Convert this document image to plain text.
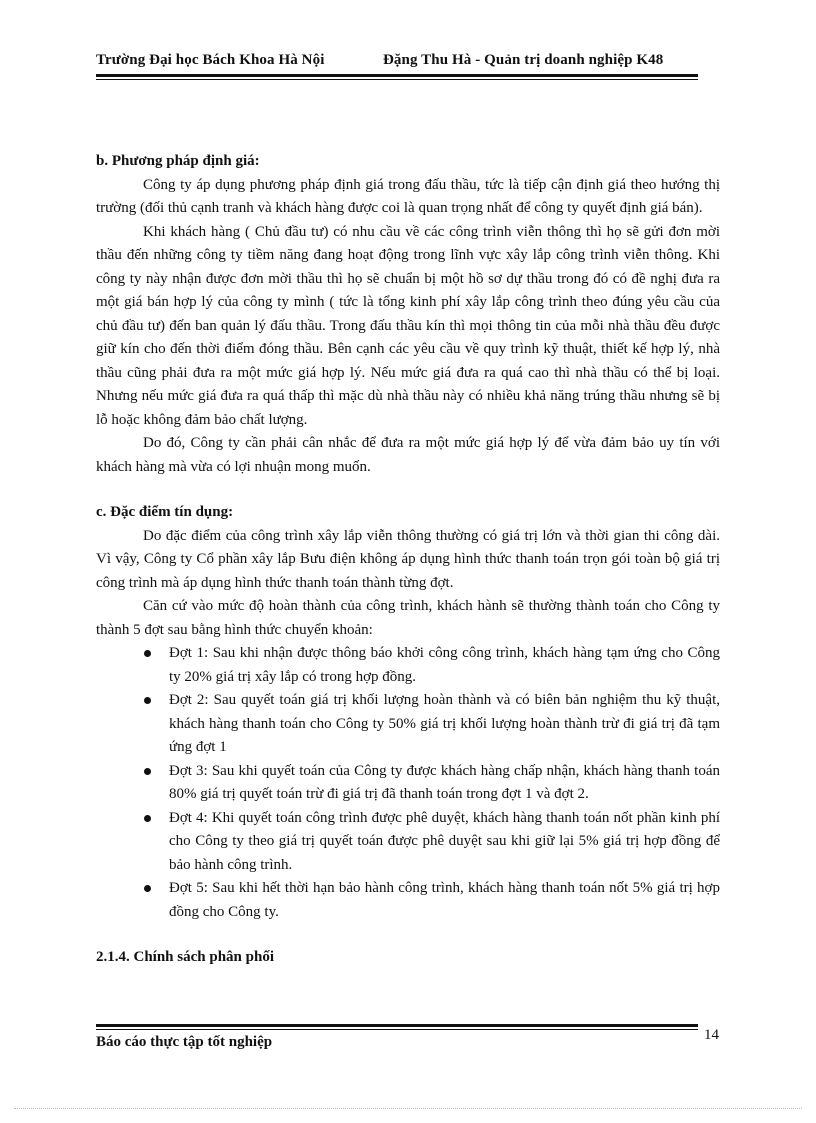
Trường Đại học Bách Khoa Hà Nội	Đặng Thu Hà - Quản trị doanh nghiệp K48

b. Phương pháp định giá:

Công ty áp dụng phương pháp định giá trong đấu thầu, tức là tiếp cận định giá theo hướng thị trường (đối thủ cạnh tranh và khách hàng được coi là quan trọng nhất để công ty quyết định giá bán).

Khi khách hàng ( Chủ đầu tư) có nhu cầu về các công trình viễn thông thì họ sẽ gửi đơn mời thầu đến những công ty tiềm năng đang hoạt động trong lĩnh vực xây lắp công trình viễn thông. Khi công ty này nhận được đơn mời thầu thì họ sẽ chuẩn bị một hồ sơ dự thầu trong đó có đề nghị đưa ra một giá bán hợp lý của công ty mình ( tức là tổng kinh phí xây lắp công trình theo đúng yêu cầu của chủ đầu tư) đến ban quản lý đấu thầu. Trong đấu thầu kín thì mọi thông tin của mỗi nhà thầu đều được giữ kín cho đến thời điểm đóng thầu. Bên cạnh các yêu cầu về quy trình kỹ thuật, thiết kế hợp lý, nhà thầu cũng phải đưa ra một mức giá hợp lý. Nếu mức giá đưa ra quá cao thì nhà thầu có thể bị loại. Nhưng nếu mức giá đưa ra quá thấp thì mặc dù nhà thầu này có nhiều khả năng trúng thầu nhưng sẽ bị lỗ hoặc không đảm bảo chất lượng.

Do đó, Công ty cần phải cân nhắc để đưa ra một mức giá hợp lý để vừa đảm bảo uy tín với khách hàng mà vừa có lợi nhuận mong muốn.

c. Đặc điểm tín dụng:

Do đặc điểm của công trình xây lắp viễn thông thường có giá trị lớn và thời gian thi công dài. Vì vậy, Công ty Cổ phần xây lắp Bưu điện không áp dụng hình thức thanh toán trọn gói toàn bộ giá trị công trình mà áp dụng hình thức thanh toán thành từng đợt.

Căn cứ vào mức độ hoàn thành của công trình, khách hành sẽ thường thành toán cho Công ty thành 5 đợt sau bằng hình thức chuyển khoản:

Đợt 1: Sau khi nhận được thông báo khởi công công trình, khách hàng tạm ứng cho Công ty 20% giá trị xây lắp có trong hợp đồng.
Đợt 2: Sau quyết toán giá trị khối lượng hoàn thành và có biên bản nghiệm thu kỹ thuật, khách hàng thanh toán cho Công ty 50% giá trị khối lượng hoàn thành trừ đi giá trị đã tạm ứng đợt 1
Đợt 3: Sau khi quyết toán của Công ty được khách hàng chấp nhận, khách hàng thanh toán 80% giá trị quyết toán trừ đi giá trị đã thanh toán trong đợt 1 và đợt 2.
Đợt 4: Khi quyết toán công trình được phê duyệt, khách hàng thanh toán nốt phần kinh phí cho Công ty theo giá trị quyết toán được phê duyệt sau khi giữ lại 5% giá trị hợp đồng để bảo hành công trình.
Đợt 5: Sau khi hết thời hạn bảo hành công trình, khách hàng thanh toán nốt 5% giá trị hợp đồng cho Công ty.

2.1.4. Chính sách phân phối

Báo cáo thực tập tốt nghiệp	14
